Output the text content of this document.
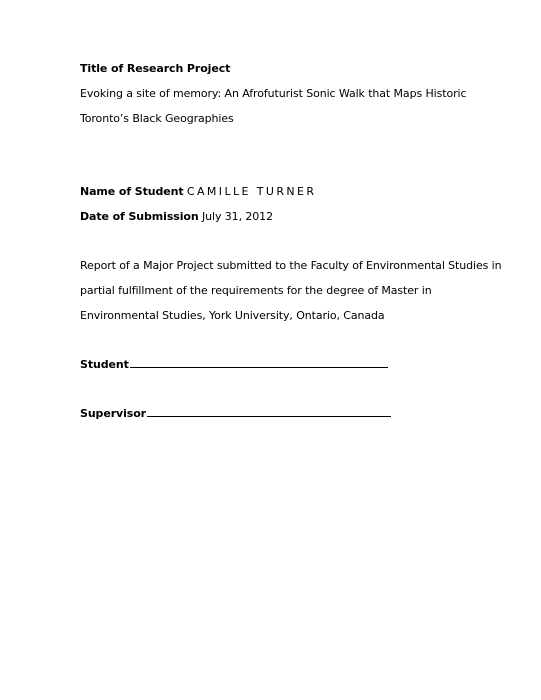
Title of Research Project
Evoking a site of memory: An Afrofuturist Sonic Walk that Maps Historic
Toronto’s Black Geographies
Name of Student CAMILLE TURNER
Date of Submission July 31, 2012
Report of a Major Project submitted to the Faculty of Environmental Studies in
partial fulfillment of the requirements for the degree of Master in
Environmental Studies, York University, Ontario, Canada
Student
Supervisor
